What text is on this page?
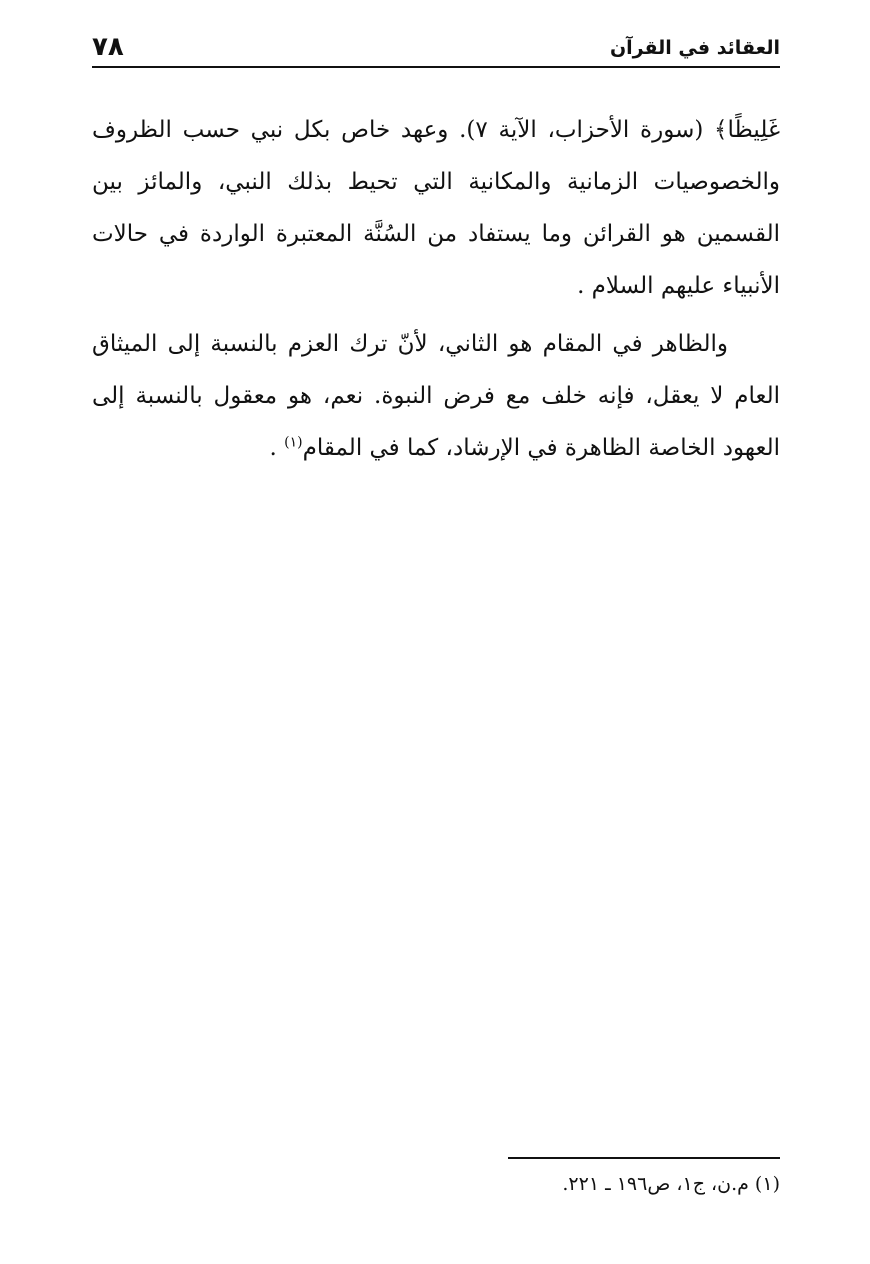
٧٨	العقائد في القرآن

غَلِيظًا﴾ (سورة الأحزاب، الآية ٧). وعهد خاص بكل نبي حسب الظروف والخصوصيات الزمانية والمكانية التي تحيط بذلك النبي، والمائز بين القسمين هو القرائن وما يستفاد من السُنَّة المعتبرة الواردة في حالات الأنبياء عليهم السلام .

والظاهر في المقام هو الثاني، لأنّ ترك العزم بالنسبة إلى الميثاق العام لا يعقل، فإنه خلف مع فرض النبوة. نعم، هو معقول بالنسبة إلى العهود الخاصة الظاهرة في الإرشاد، كما في المقام$^{(١)}$ .

(١) م.ن، ج١، ص١٩٦ ـ ٢٢١.
